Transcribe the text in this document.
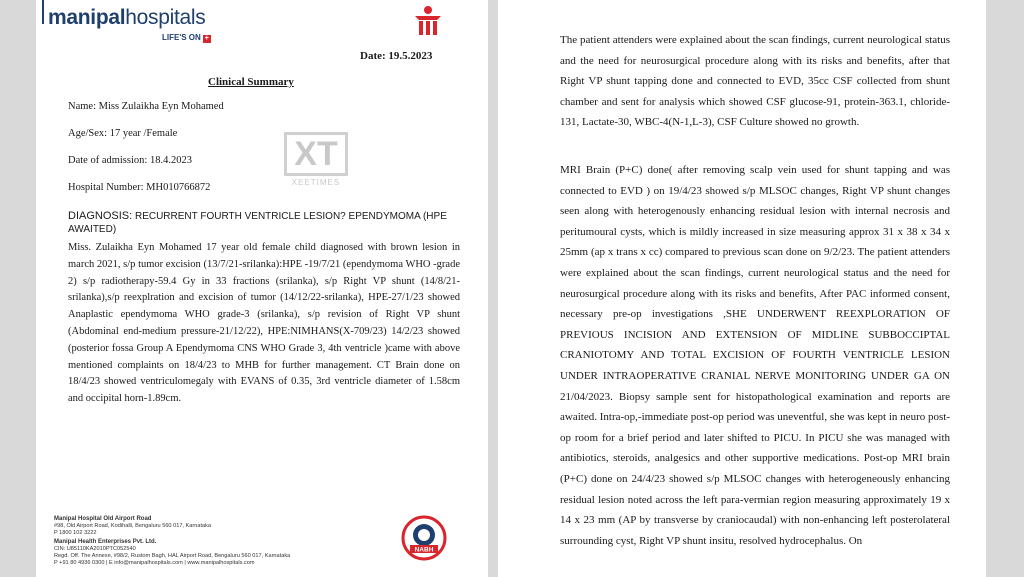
manipalhospitals
LIFE'S ON +
Date: 19.5.2023
Clinical Summary
Name: Miss Zulaikha Eyn Mohamed
Age/Sex: 17 year /Female
Date of admission: 18.4.2023
Hospital Number: MH010766872
XT
XEETIMES
DIAGNOSIS: RECURRENT FOURTH VENTRICLE LESION? EPENDYMOMA (HPE AWAITED)
Miss. Zulaikha Eyn Mohamed 17 year old female child diagnosed with brown lesion in march 2021, s/p tumor excision (13/7/21-srilanka):HPE -19/7/21 (ependymoma WHO -grade 2) s/p radiotherapy-59.4 Gy in 33 fractions (srilanka), s/p Right VP shunt (14/8/21-srilanka),s/p reexplration and excision of tumor (14/12/22-srilanka), HPE-27/1/23 showed Anaplastic ependymoma WHO grade-3 (srilanka), s/p revision of Right VP shunt (Abdominal end-medium pressure-21/12/22), HPE:NIMHANS(X-709/23) 14/2/23 showed (posterior fossa Group A Ependymoma CNS WHO Grade 3, 4th ventricle )came with above mentioned complaints on 18/4/23 to MHB for further management. CT Brain done on 18/4/23 showed ventriculomegaly with EVANS of 0.35, 3rd ventricle diameter of 1.58cm and occipital horn-1.89cm.
Manipal Hospital Old Airport Road
#98, Old Airport Road, Kodihalli, Bengaluru 560 017, Karnataka
P 1800 102 3222
Manipal Health Enterprises Pvt. Ltd.
CIN: U85110KA2010PTC052540
Regd. Off. The Annexe, #98/2, Rustom Bagh, HAL Airport Road, Bengaluru 560 017, Karnataka
P +91 80 4936 0300 | E info@manipalhospitals.com | www.manipalhospitals.com
NABH
The patient attenders were explained about the scan findings, current neurological status and the need for neurosurgical procedure along with its risks and benefits, after that Right VP shunt tapping done and connected to EVD, 35cc CSF collected from shunt chamber and sent for analysis which showed CSF glucose-91, protein-363.1, chloride-131, Lactate-30, WBC-4(N-1,L-3), CSF Culture showed no growth.
MRI Brain (P+C) done( after removing scalp vein used for shunt tapping and was connected to EVD ) on 19/4/23 showed s/p MLSOC changes, Right VP shunt changes seen along with heterogenously enhancing residual lesion with internal necrosis and peritumoural cysts, which is mildly increased in size measuring approx 31 x 38 x 34 x 25mm (ap x trans x cc) compared to previous scan done on 9/2/23. The patient attenders were explained about the scan findings, current neurological status and the need for neurosurgical procedure along with its risks and benefits, After PAC informed consent, necessary pre-op investigations ,SHE UNDERWENT REEXPLORATION OF PREVIOUS INCISION AND EXTENSION OF MIDLINE SUBBOCCIPTAL CRANIOTOMY AND TOTAL EXCISION OF FOURTH VENTRICLE LESION UNDER INTRAOPERATIVE CRANIAL NERVE MONITORING UNDER GA ON 21/04/2023. Biopsy sample sent for histopathological examination and reports are awaited. Intra-op,-immediate post-op period was uneventful, she was kept in neuro post-op room for a brief period and later shifted to PICU. In PICU she was managed with antibiotics, steroids, analgesics and other supportive medications. Post-op MRI brain (P+C) done on 24/4/23 showed s/p MLSOC changes with heterogeneously enhancing residual lesion noted across the left para-vermian region measuring approximately 19 x 14 x 23 mm (AP by transverse by craniocaudal) with non-enhancing left posterolateral surrounding cyst, Right VP shunt insitu, resolved hydrocephalus. On
